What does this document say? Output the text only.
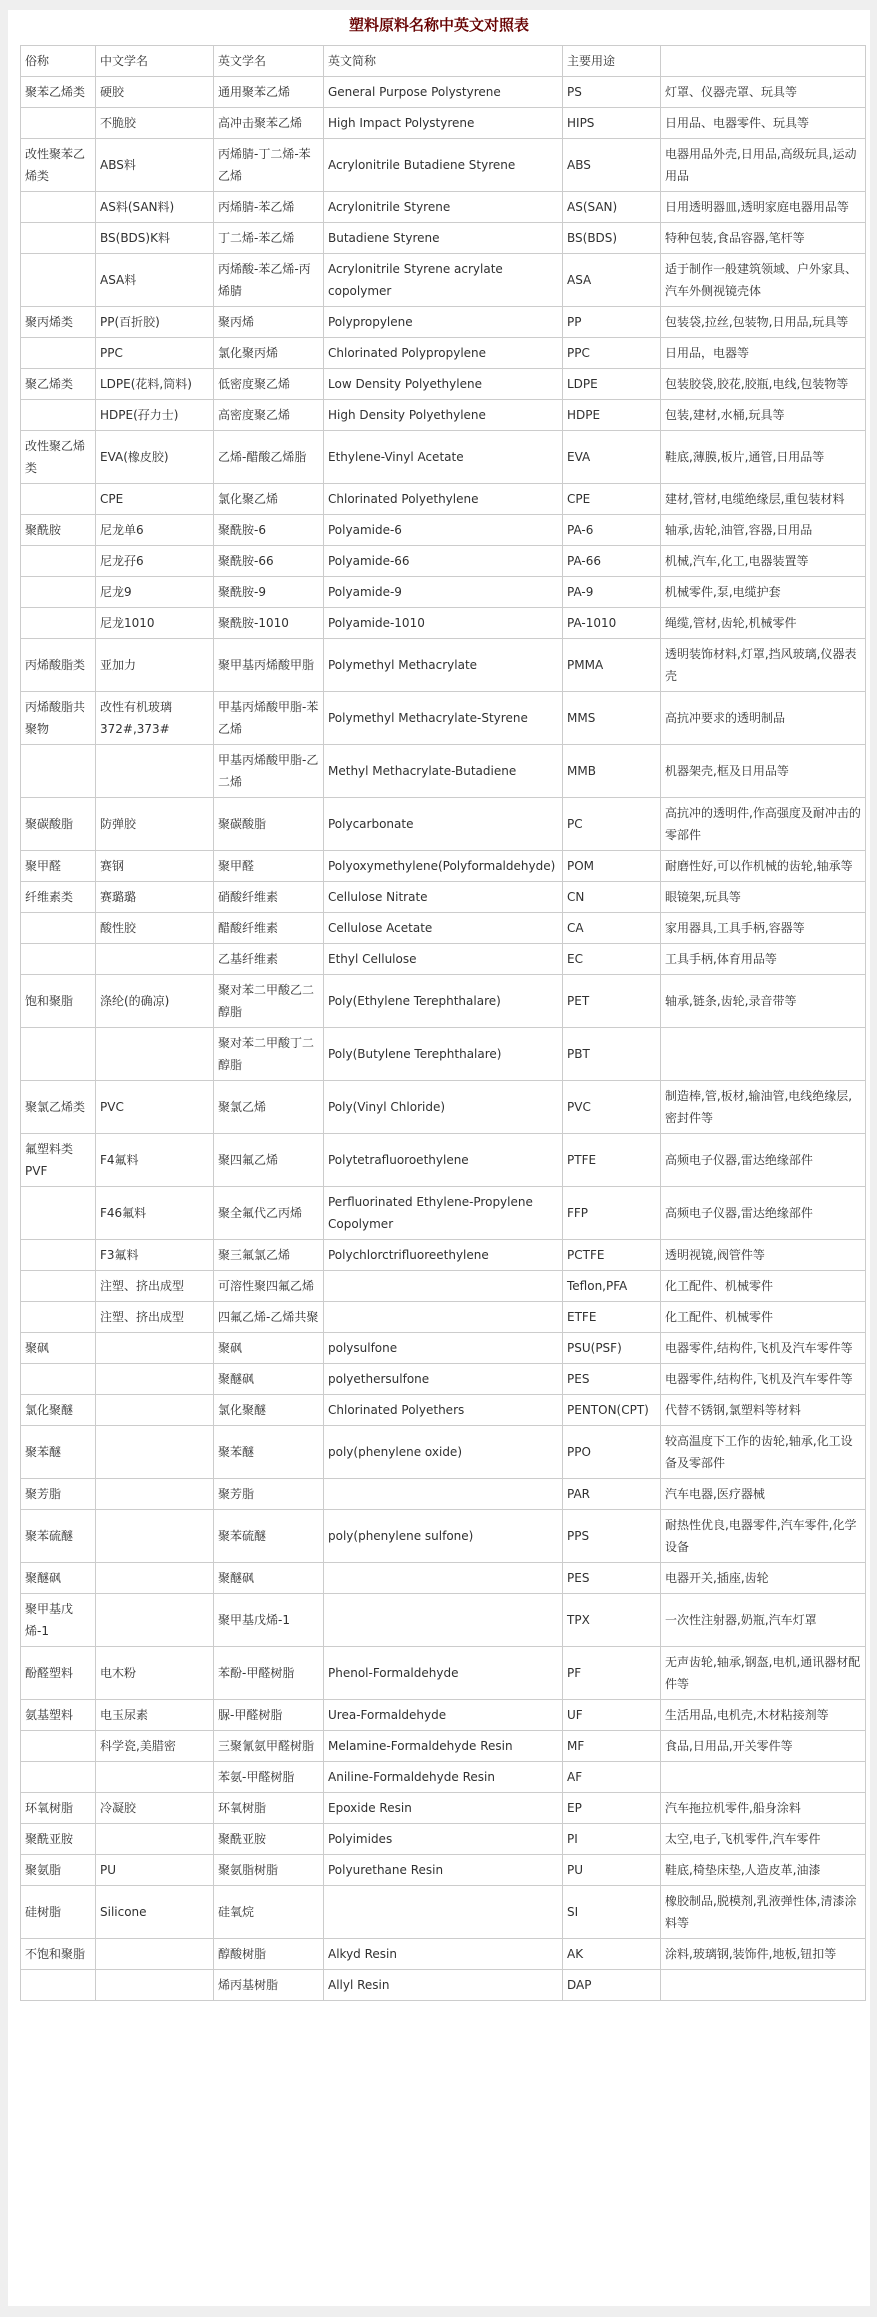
塑料原料名称中英文对照表
俗称	中文学名	英文学名	英文简称	主要用途	
聚苯乙烯类	硬胶	通用聚苯乙烯	General Purpose Polystyrene	PS	灯罩、仪器壳罩、玩具等
	不脆胶	高冲击聚苯乙烯	High Impact Polystyrene	HIPS	日用品、电器零件、玩具等
改性聚苯乙烯类	ABS料	丙烯腈-丁二烯-苯乙烯	Acrylonitrile Butadiene Styrene	ABS	电器用品外壳,日用品,高级玩具,运动用品
	AS料(SAN料)	丙烯腈-苯乙烯	Acrylonitrile Styrene	AS(SAN)	日用透明器皿,透明家庭电器用品等
	BS(BDS)K料	丁二烯-苯乙烯	Butadiene Styrene	BS(BDS)	特种包装,食品容器,笔杆等
	ASA料	丙烯酸-苯乙烯-丙烯腈	Acrylonitrile Styrene acrylate copolymer	ASA	适于制作一般建筑领域、户外家具、汽车外侧视镜壳体
聚丙烯类	PP(百折胶)	聚丙烯	Polypropylene	PP	包装袋,拉丝,包装物,日用品,玩具等
	PPC	氯化聚丙烯	Chlorinated Polypropylene	PPC	日用品，电器等
聚乙烯类	LDPE(花料,筒料)	低密度聚乙烯	Low Density Polyethylene	LDPE	包装胶袋,胶花,胶瓶,电线,包装物等
	HDPE(孖力士)	高密度聚乙烯	High Density Polyethylene	HDPE	包装,建材,水桶,玩具等
改性聚乙烯类	EVA(橡皮胶)	乙烯-醋酸乙烯脂	Ethylene-Vinyl Acetate	EVA	鞋底,薄膜,板片,通管,日用品等
	CPE	氯化聚乙烯	Chlorinated Polyethylene	CPE	建材,管材,电缆绝缘层,重包装材料
聚酰胺	尼龙单6	聚酰胺-6	Polyamide-6	PA-6	轴承,齿轮,油管,容器,日用品
	尼龙孖6	聚酰胺-66	Polyamide-66	PA-66	机械,汽车,化工,电器装置等
	尼龙9	聚酰胺-9	Polyamide-9	PA-9	机械零件,泵,电缆护套
	尼龙1010	聚酰胺-1010	Polyamide-1010	PA-1010	绳缆,管材,齿轮,机械零件
丙烯酸脂类	亚加力	聚甲基丙烯酸甲脂	Polymethyl Methacrylate	PMMA	透明装饰材料,灯罩,挡风玻璃,仪器表壳
丙烯酸脂共聚物	改性有机玻璃372#,373#	甲基丙烯酸甲脂-苯乙烯	Polymethyl Methacrylate-Styrene	MMS	高抗冲要求的透明制品
		甲基丙烯酸甲脂-乙二烯	Methyl Methacrylate-Butadiene	MMB	机器架壳,框及日用品等
聚碳酸脂	防弹胶	聚碳酸脂	Polycarbonate	PC	高抗冲的透明件,作高强度及耐冲击的零部件
聚甲醛	赛钢	聚甲醛	Polyoxymethylene(Polyformaldehyde)	POM	耐磨性好,可以作机械的齿轮,轴承等
纤维素类	赛璐璐	硝酸纤维素	Cellulose Nitrate	CN	眼镜架,玩具等
	酸性胶	醋酸纤维素	Cellulose Acetate	CA	家用器具,工具手柄,容器等
		乙基纤维素	Ethyl Cellulose	EC	工具手柄,体育用品等
饱和聚脂	涤纶(的确凉)	聚对苯二甲酸乙二醇脂	Poly(Ethylene Terephthalare)	PET	轴承,链条,齿轮,录音带等
		聚对苯二甲酸丁二醇脂	Poly(Butylene Terephthalare)	PBT	
聚氯乙烯类	PVC	聚氯乙烯	Poly(Vinyl Chloride)	PVC	制造棒,管,板材,输油管,电线绝缘层,密封件等
氟塑料类 PVF	F4氟料	聚四氟乙烯	Polytetrafluoroethylene	PTFE	高频电子仪器,雷达绝缘部件
	F46氟料	聚全氟代乙丙烯	Perfluorinated Ethylene-Propylene Copolymer	FFP	高频电子仪器,雷达绝缘部件
	F3氟料	聚三氟氯乙烯	Polychlorctrifluoreethylene	PCTFE	透明视镜,阀管件等
	注塑、挤出成型	可溶性聚四氟乙烯		Teflon,PFA	化工配件、机械零件
	注塑、挤出成型	四氟乙烯-乙烯共聚		ETFE	化工配件、机械零件
聚砜		聚砜	polysulfone	PSU(PSF)	电器零件,结构件,飞机及汽车零件等
		聚醚砜	polyethersulfone	PES	电器零件,结构件,飞机及汽车零件等
氯化聚醚		氯化聚醚	Chlorinated Polyethers	PENTON(CPT)	代替不锈钢,氯塑料等材料
聚苯醚		聚苯醚	poly(phenylene oxide)	PPO	较高温度下工作的齿轮,轴承,化工设备及零部件
聚芳脂		聚芳脂		PAR	汽车电器,医疗器械
聚苯硫醚		聚苯硫醚	poly(phenylene sulfone)	PPS	耐热性优良,电器零件,汽车零件,化学设备
聚醚砜		聚醚砜		PES	电器开关,插座,齿轮
聚甲基戊烯-1		聚甲基戊烯-1		TPX	一次性注射器,奶瓶,汽车灯罩
酚醛塑料	电木粉	苯酚-甲醛树脂	Phenol-Formaldehyde	PF	无声齿轮,轴承,钢盔,电机,通讯器材配件等
氨基塑料	电玉尿素	脲-甲醛树脂	Urea-Formaldehyde	UF	生活用品,电机壳,木材粘接剂等
	科学瓷,美腊密	三聚氰氨甲醛树脂	Melamine-Formaldehyde Resin	MF	食品,日用品,开关零件等
		苯氨-甲醛树脂	Aniline-Formaldehyde Resin	AF	
环氧树脂	冷凝胶	环氧树脂	Epoxide Resin	EP	汽车拖拉机零件,船身涂料
聚酰亚胺		聚酰亚胺	Polyimides	PI	太空,电子,飞机零件,汽车零件
聚氨脂	PU	聚氨脂树脂	Polyurethane Resin	PU	鞋底,椅垫床垫,人造皮革,油漆
硅树脂	Silicone	硅氧烷		SI	橡胶制品,脱模剂,乳液弹性体,清漆涂料等
不饱和聚脂		醇酸树脂	Alkyd Resin	AK	涂料,玻璃钢,装饰件,地板,钮扣等
		烯丙基树脂	Allyl Resin	DAP	
